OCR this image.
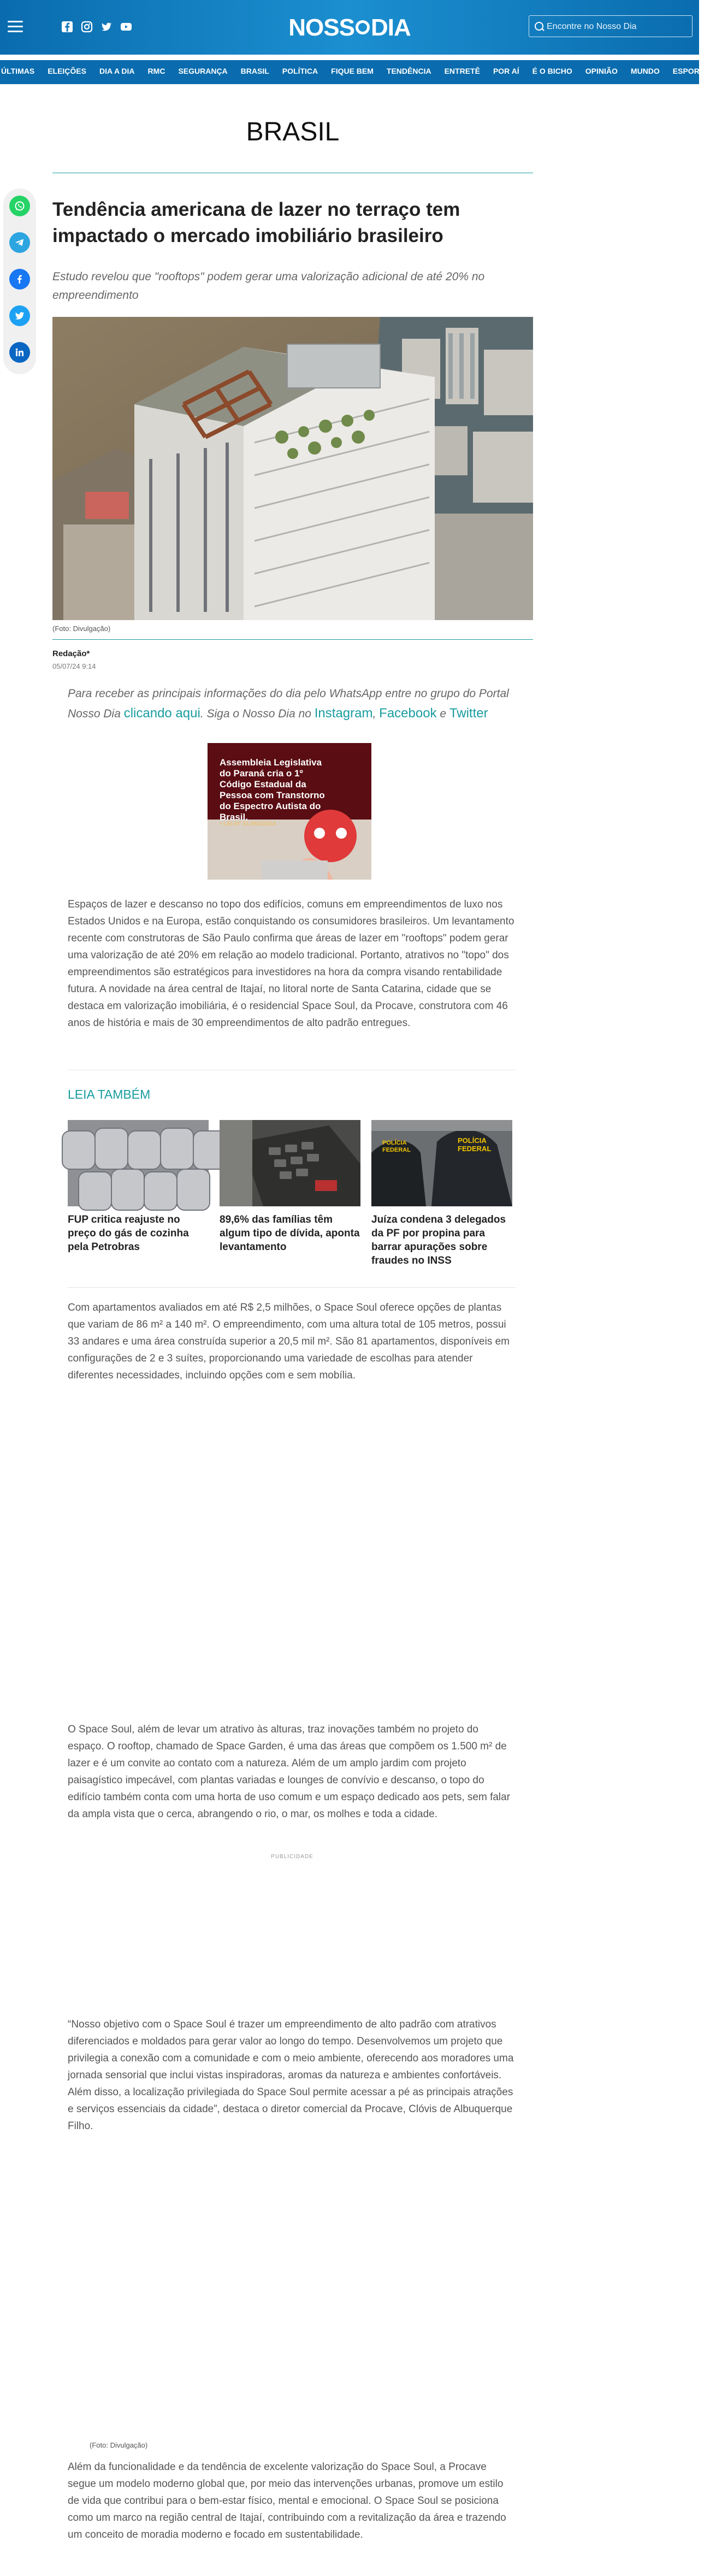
NOSS DIA
Encontre no Nosso Dia
ÚLTIMAS	ELEIÇÕES	DIA A DIA	RMC	SEGURANÇA	BRASIL	POLÍTICA	FIQUE BEM	TENDÊNCIA	ENTRETÊ	POR AÍ	É O BICHO	OPINIÃO	MUNDO	ESPORTE
BRASIL
Tendência americana de lazer no terraço tem impactado o mercado imobiliário brasileiro
Estudo revelou que "rooftops" podem gerar uma valorização adicional de até 20% no empreendimento
(Foto: Divulgação)
Redação*
05/07/24 9:14
Para receber as principais informações do dia pelo WhatsApp entre no grupo do Portal Nosso Dia clicando aqui. Siga o Nosso Dia no Instagram, Facebook e Twitter
Assembleia Legislativa do Paraná cria o 1º Código Estadual da Pessoa com Transtorno do Espectro Autista do Brasil.
• LEI Nº 21.964/2024
Espaços de lazer e descanso no topo dos edifícios, comuns em empreendimentos de luxo nos Estados Unidos e na Europa, estão conquistando os consumidores brasileiros. Um levantamento recente com construtoras de São Paulo confirma que áreas de lazer em "rooftops" podem gerar uma valorização de até 20% em relação ao modelo tradicional. Portanto, atrativos no "topo" dos empreendimentos são estratégicos para investidores na hora da compra visando rentabilidade futura. A novidade na área central de Itajaí, no litoral norte de Santa Catarina, cidade que se destaca em valorização imobiliária, é o residencial Space Soul, da Procave, construtora com 46 anos de história e mais de 30 empreendimentos de alto padrão entregues.
LEIA TAMBÉM
FUP critica reajuste no preço do gás de cozinha pela Petrobras
89,6% das famílias têm algum tipo de dívida, aponta levantamento
POLÍCIA
FEDERAL
POLÍCIA
FEDERAL
Juíza condena 3 delegados da PF por propina para barrar apurações sobre fraudes no INSS
Com apartamentos avaliados em até R$ 2,5 milhões, o Space Soul oferece opções de plantas que variam de 86 m² a 140 m². O empreendimento, com uma altura total de 105 metros, possui 33 andares e uma área construída superior a 20,5 mil m². São 81 apartamentos, disponíveis em configurações de 2 e 3 suítes, proporcionando uma variedade de escolhas para atender diferentes necessidades, incluindo opções com e sem mobília.
O Space Soul, além de levar um atrativo às alturas, traz inovações também no projeto do espaço. O rooftop, chamado de Space Garden, é uma das áreas que compõem os 1.500 m² de lazer e é um convite ao contato com a natureza. Além de um amplo jardim com projeto paisagístico impecável, com plantas variadas e lounges de convívio e descanso, o topo do edifício também conta com uma horta de uso comum e um espaço dedicado aos pets, sem falar da ampla vista que o cerca, abrangendo o rio, o mar, os molhes e toda a cidade.
PUBLICIDADE
“Nosso objetivo com o Space Soul é trazer um empreendimento de alto padrão com atrativos diferenciados e moldados para gerar valor ao longo do tempo. Desenvolvemos um projeto que privilegia a conexão com a comunidade e com o meio ambiente, oferecendo aos moradores uma jornada sensorial que inclui vistas inspiradoras, aromas da natureza e ambientes confortáveis. Além disso, a localização privilegiada do Space Soul permite acessar a pé as principais atrações e serviços essenciais da cidade”, destaca o diretor comercial da Procave, Clóvis de Albuquerque Filho.
(Foto: Divulgação)
Além da funcionalidade e da tendência de excelente valorização do Space Soul, a Procave segue um modelo moderno global que, por meio das intervenções urbanas, promove um estilo de vida que contribui para o bem-estar físico, mental e emocional. O Space Soul se posiciona como um marco na região central de Itajaí, contribuindo com a revitalização da área e trazendo um conceito de moradia moderno e focado em sustentabilidade.
